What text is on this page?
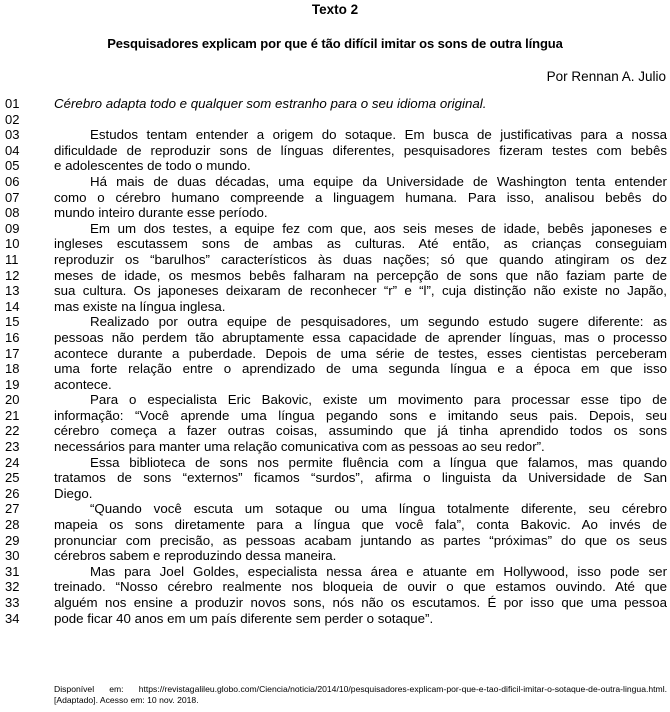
Texto 2
Pesquisadores explicam por que é tão difícil imitar os sons de outra língua
Por Rennan A. Julio
01	Cérebro adapta todo e qualquer som estranho para o seu idioma original.
02
03	Estudos tentam entender a origem do sotaque. Em busca de justificativas para a nossa
04	dificuldade de reproduzir sons de línguas diferentes, pesquisadores fizeram testes com bebês
05	e adolescentes de todo o mundo.
06	Há mais de duas décadas, uma equipe da Universidade de Washington tenta entender
07	como o cérebro humano compreende a linguagem humana. Para isso, analisou bebês do
08	mundo inteiro durante esse período.
09	Em um dos testes, a equipe fez com que, aos seis meses de idade, bebês japoneses e
10	ingleses escutassem sons de ambas as culturas. Até então, as crianças conseguiam
11	reproduzir os “barulhos” característicos às duas nações; só que quando atingiram os dez
12	meses de idade, os mesmos bebês falharam na percepção de sons que não faziam parte de
13	sua cultura. Os japoneses deixaram de reconhecer “r” e “l”, cuja distinção não existe no Japão,
14	mas existe na língua inglesa.
15	Realizado por outra equipe de pesquisadores, um segundo estudo sugere diferente: as
16	pessoas não perdem tão abruptamente essa capacidade de aprender línguas, mas o processo
17	acontece durante a puberdade. Depois de uma série de testes, esses cientistas perceberam
18	uma forte relação entre o aprendizado de uma segunda língua e a época em que isso
19	acontece.
20	Para o especialista Eric Bakovic, existe um movimento para processar esse tipo de
21	informação: “Você aprende uma língua pegando sons e imitando seus pais. Depois, seu
22	cérebro começa a fazer outras coisas, assumindo que já tinha aprendido todos os sons
23	necessários para manter uma relação comunicativa com as pessoas ao seu redor”.
24	Essa biblioteca de sons nos permite fluência com a língua que falamos, mas quando
25	tratamos de sons “externos” ficamos “surdos”, afirma o linguista da Universidade de San
26	Diego.
27	“Quando você escuta um sotaque ou uma língua totalmente diferente, seu cérebro
28	mapeia os sons diretamente para a língua que você fala”, conta Bakovic. Ao invés de
29	pronunciar com precisão, as pessoas acabam juntando as partes “próximas” do que os seus
30	cérebros sabem e reproduzindo dessa maneira.
31	Mas para Joel Goldes, especialista nessa área e atuante em Hollywood, isso pode ser
32	treinado. “Nosso cérebro realmente nos bloqueia de ouvir o que estamos ouvindo. Até que
33	alguém nos ensine a produzir novos sons, nós não os escutamos. É por isso que uma pessoa
34	pode ficar 40 anos em um país diferente sem perder o sotaque”.
Disponível em: https://revistagalileu.globo.com/Ciencia/noticia/2014/10/pesquisadores-explicam-por-que-e-tao-dificil-imitar-o-sotaque-de-outra-lingua.html. [Adaptado]. Acesso em: 10 nov. 2018.
